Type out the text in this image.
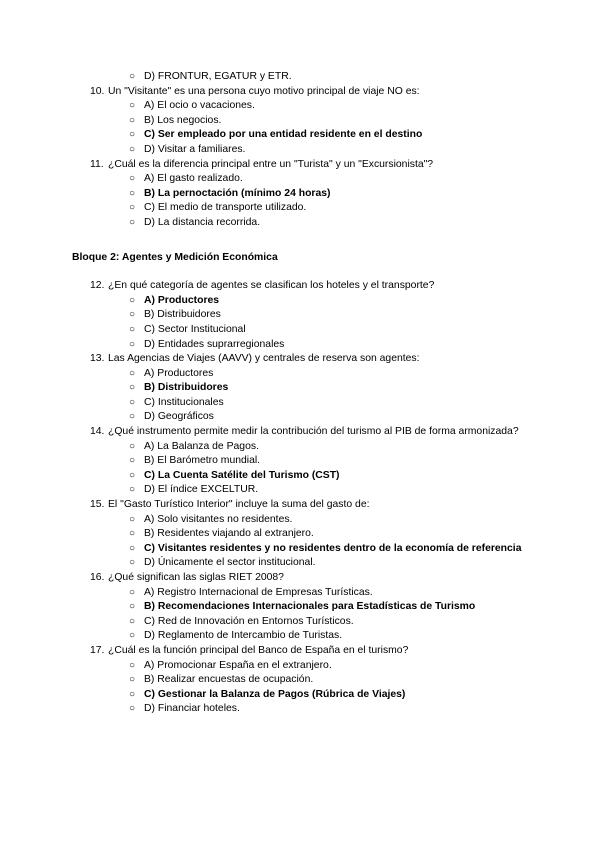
○ D) FRONTUR, EGATUR y ETR.
10. Un "Visitante" es una persona cuyo motivo principal de viaje NO es:
○ A) El ocio o vacaciones.
○ B) Los negocios.
○ C) Ser empleado por una entidad residente en el destino
○ D) Visitar a familiares.
11. ¿Cuál es la diferencia principal entre un "Turista" y un "Excursionista"?
○ A) El gasto realizado.
○ B) La pernoctación (mínimo 24 horas)
○ C) El medio de transporte utilizado.
○ D) La distancia recorrida.
Bloque 2: Agentes y Medición Económica
12. ¿En qué categoría de agentes se clasifican los hoteles y el transporte?
○ A) Productores
○ B) Distribuidores
○ C) Sector Institucional
○ D) Entidades suprarregionales
13. Las Agencias de Viajes (AAVV) y centrales de reserva son agentes:
○ A) Productores
○ B) Distribuidores
○ C) Institucionales
○ D) Geográficos
14. ¿Qué instrumento permite medir la contribución del turismo al PIB de forma armonizada?
○ A) La Balanza de Pagos.
○ B) El Barómetro mundial.
○ C) La Cuenta Satélite del Turismo (CST)
○ D) El índice EXCELTUR.
15. El "Gasto Turístico Interior" incluye la suma del gasto de:
○ A) Solo visitantes no residentes.
○ B) Residentes viajando al extranjero.
○ C) Visitantes residentes y no residentes dentro de la economía de referencia
○ D) Únicamente el sector institucional.
16. ¿Qué significan las siglas RIET 2008?
○ A) Registro Internacional de Empresas Turísticas.
○ B) Recomendaciones Internacionales para Estadísticas de Turismo
○ C) Red de Innovación en Entornos Turísticos.
○ D) Reglamento de Intercambio de Turistas.
17. ¿Cuál es la función principal del Banco de España en el turismo?
○ A) Promocionar España en el extranjero.
○ B) Realizar encuestas de ocupación.
○ C) Gestionar la Balanza de Pagos (Rúbrica de Viajes)
○ D) Financiar hoteles.
